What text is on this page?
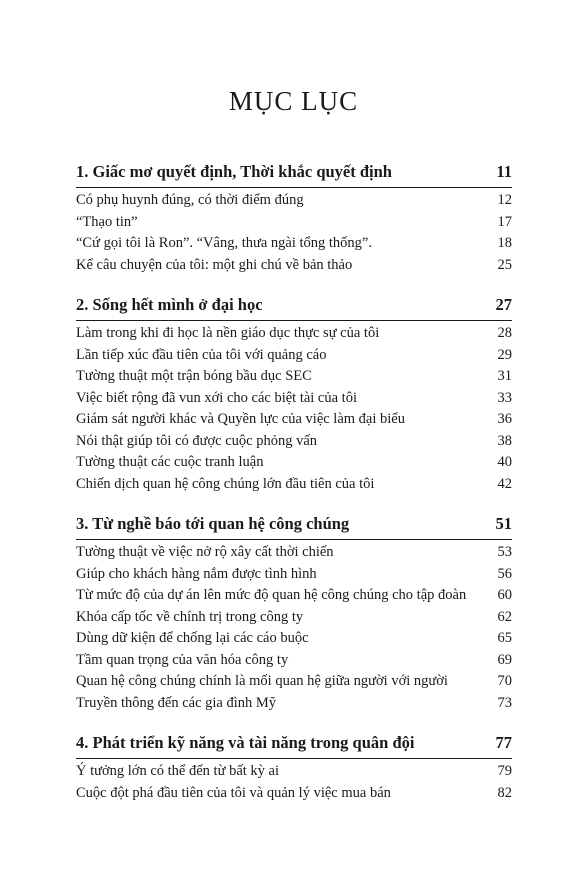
MỤC LỤC
1. Giấc mơ quyết định, Thời khắc quyết định	11
Có phụ huynh đúng, có thời điểm đúng	12
“Thạo tin”	17
“Cứ gọi tôi là Ron”. “Vâng, thưa ngài tổng thống”.	18
Kể câu chuyện của tôi: một ghi chú về bản thảo	25
2. Sống hết mình ở đại học	27
Làm trong khi đi học là nền giáo dục thực sự của tôi	28
Lần tiếp xúc đầu tiên của tôi với quảng cáo	29
Tường thuật một trận bóng bầu dục SEC	31
Việc biết rộng đã vun xới cho các biệt tài của tôi	33
Giám sát người khác và Quyền lực của việc làm đại biểu	36
Nói thật giúp tôi có được cuộc phỏng vấn	38
Tường thuật các cuộc tranh luận	40
Chiến dịch quan hệ công chúng lớn đầu tiên của tôi	42
3. Từ nghề báo tới quan hệ công chúng	51
Tường thuật về việc nở rộ xây cất thời chiến	53
Giúp cho khách hàng nắm được tình hình	56
Từ mức độ của dự án lên mức độ quan hệ công chúng cho tập đoàn 60
Khóa cấp tốc về chính trị trong công ty	62
Dùng dữ kiện để chống lại các cáo buộc	65
Tầm quan trọng của văn hóa công ty	69
Quan hệ công chúng chính là mối quan hệ giữa người với người	70
Truyền thông đến các gia đình Mỹ	73
4. Phát triển kỹ năng và tài năng trong quân đội	77
Ý tưởng lớn có thể đến từ bất kỳ ai	79
Cuộc đột phá đầu tiên của tôi và quản lý việc mua bán	82
